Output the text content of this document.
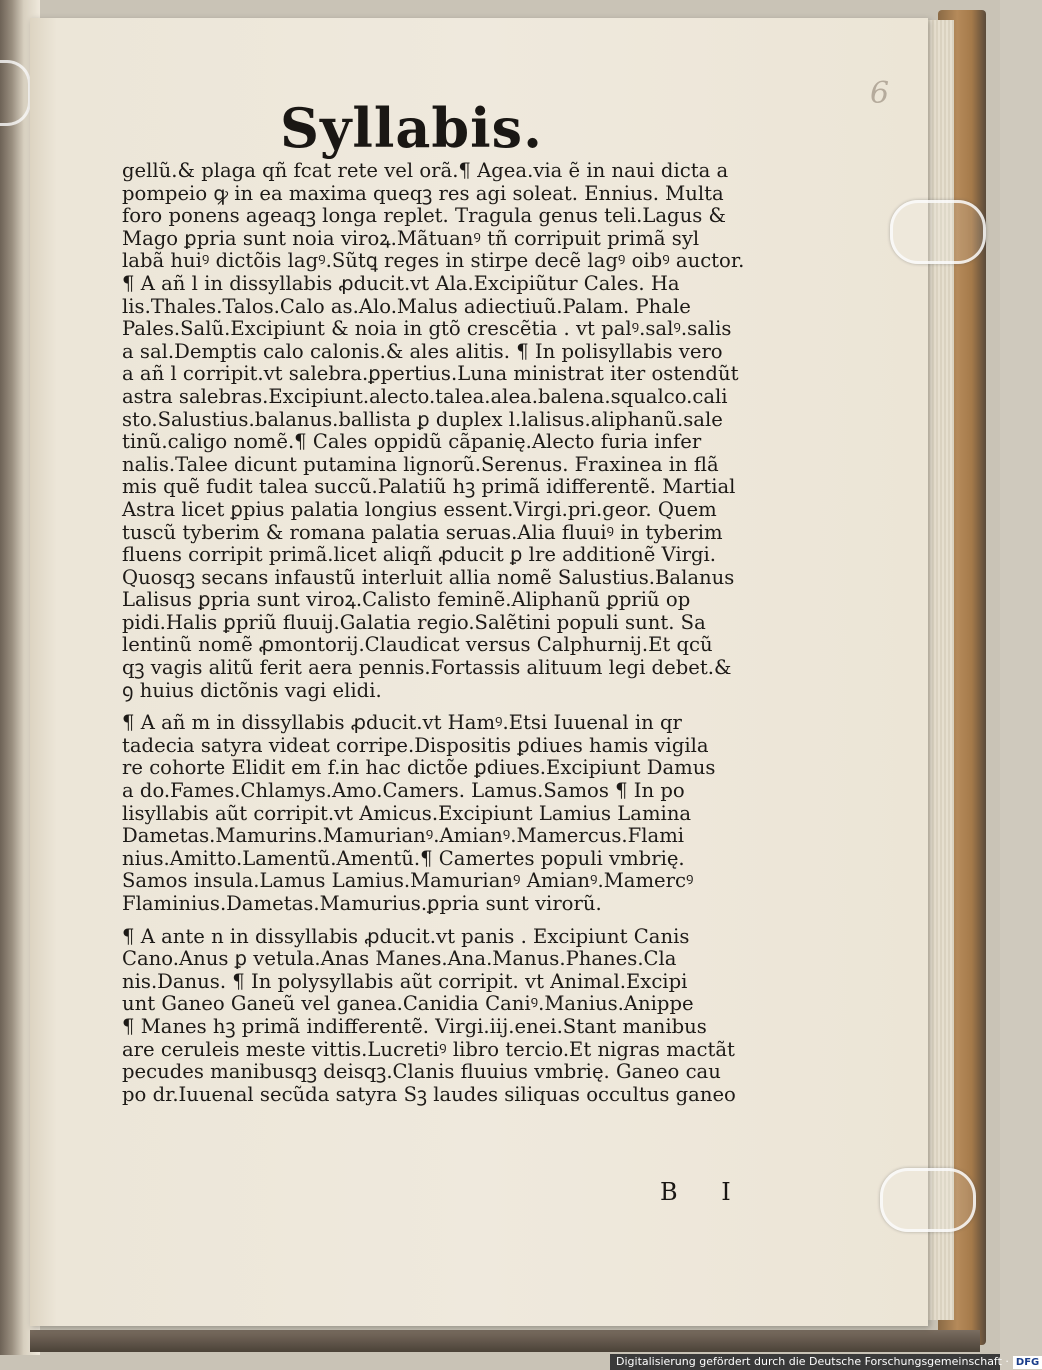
6
Syllabis.
gellũ.& plaga qñ fcat rete vel orã.¶ Agea.via ẽ in naui dicta a
pompeio ꝙ in ea maxima queqꝫ res agi soleat. Ennius. Multa
foro ponens ageaqꝫ longa replet. Tragula genus teli.Lagus &
Mago ꝑpria sunt noia viroꝝ.Mãtuanꝰ tñ corripuit primã syl
labã huiꝰ dictõis lagꝰ.Sũtꝗ reges in stirpe decẽ lagꝰ oibꝰ auctor.
¶ A añ l in dissyllabis ꝓducit.vt Ala.Excipiũtur Cales. Ha
lis.Thales.Talos.Calo as.Alo.Malus adiectiuũ.Palam. Phale
Pales.Salũ.Excipiunt & noia in gtõ crescẽtia . vt palꝰ.salꝰ.salis
a sal.Demptis calo calonis.& ales alitis. ¶ In polisyllabis vero
a añ l corripit.vt salebra.ꝑpertius.Luna ministrat iter ostendũt
astra salebras.Excipiunt.alecto.talea.alea.balena.squalco.cali
sto.Salustius.balanus.ballista ꝑ duplex l.lalisus.aliphanũ.sale
tinũ.caligo nomẽ.¶ Cales oppidũ cãpanię.Alecto furia infer
nalis.Talee dicunt putamina lignorũ.Serenus. Fraxinea in flã
mis quẽ fudit talea succũ.Palatiũ hꝫ primã idifferentẽ. Martial
Astra licet ꝑpius palatia longius essent.Virgi.pri.geor. Quem
tuscũ tyberim & romana palatia seruas.Alia fluuiꝰ in tyberim
fluens corripit primã.licet aliqñ ꝓducit ꝑ lre additionẽ Virgi.
Quosqꝫ secans infaustũ interluit allia nomẽ Salustius.Balanus
Lalisus ꝑpria sunt viroꝝ.Calisto feminẽ.Aliphanũ ꝑpriũ op
pidi.Halis ꝑpriũ fluuij.Galatia regio.Salẽtini populi sunt. Sa
lentinũ nomẽ ꝓmontorij.Claudicat versus Calphurnij.Et qcũ
qꝫ vagis alitũ ferit aera pennis.Fortassis alituum legi debet.&
ꝯ huius dictõnis vagi elidi.
¶ A añ m in dissyllabis ꝓducit.vt Hamꝰ.Etsi Iuuenal in qr
tadecia satyra videat corripe.Dispositis ꝑdiues hamis vigila
re cohorte Elidit em f.in hac dictõe ꝑdiues.Excipiunt Damus
a do.Fames.Chlamys.Amo.Camers. Lamus.Samos ¶ In po
lisyllabis aũt corripit.vt Amicus.Excipiunt Lamius Lamina
Dametas.Mamurins.Mamurianꝰ.Amianꝰ.Mamercus.Flami
nius.Amitto.Lamentũ.Amentũ.¶ Camertes populi vmbrię.
Samos insula.Lamus Lamius.Mamurianꝰ Amianꝰ.Mamercꝰ
Flaminius.Dametas.Mamurius.ꝑpria sunt virorũ.
¶ A ante n in dissyllabis ꝓducit.vt panis . Excipiunt Canis
Cano.Anus ꝑ vetula.Anas Manes.Ana.Manus.Phanes.Cla
nis.Danus. ¶ In polysyllabis aũt corripit. vt Animal.Excipi
unt Ganeo Ganeũ vel ganea.Canidia Caniꝰ.Manius.Anippe
¶ Manes hꝫ primã indifferentẽ. Virgi.iij.enei.Stant manibus
are ceruleis meste vittis.Lucretiꝰ libro tercio.Et nigras mactãt
pecudes manibusqꝫ deisqꝫ.Clanis fluuius vmbrię. Ganeo cau
po dr.Iuuenal secũda satyra Sꝫ laudes siliquas occultus ganeo
B I
Digitalisierung gefördert durch die Deutsche Forschungsgemeinschaft · DFG
